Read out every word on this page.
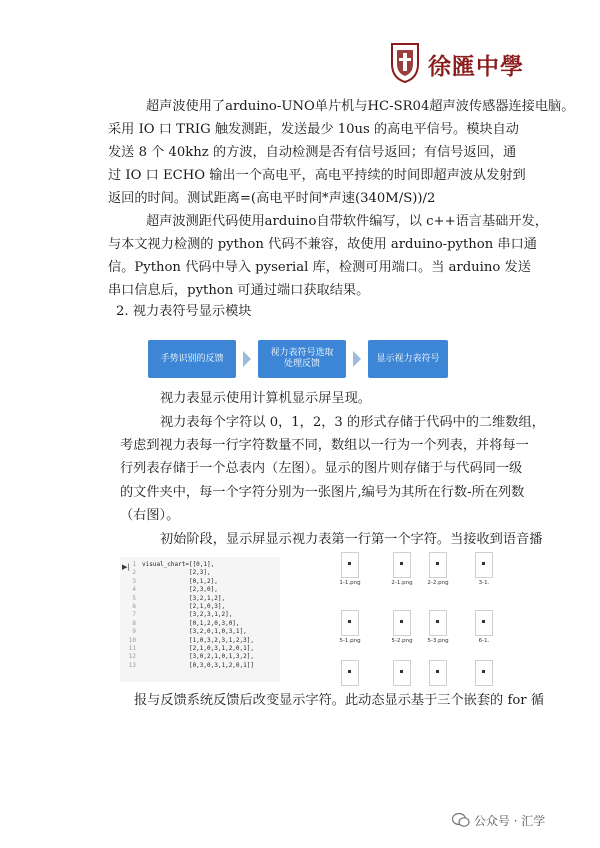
徐匯中學
超声波使用了arduino-UNO单片机与HC-SR04超声波传感器连接电脑。
采用 IO 口 TRIG 触发测距，发送最少 10us 的高电平信号。模块自动
发送 8 个 40khz 的方波，自动检测是否有信号返回；有信号返回，通
过 IO 口 ECHO 输出一个高电平，高电平持续的时间即超声波从发射到
返回的时间。测试距离=(高电平时间*声速(340M/S))/2
超声波测距代码使用arduino自带软件编写，以 c++语言基础开发，
与本文视力检测的 python 代码不兼容，故使用 arduino-python 串口通
信。Python 代码中导入 pyserial 库，检测可用端口。当 arduino 发送
串口信息后，python 可通过端口获取结果。
2. 视力表符号显示模块
手势识别的反馈
视力表符号选取
处理反馈
显示视力表符号
视力表显示使用计算机显示屏呈现。
视力表每个字符以 0，1，2，3 的形式存储于代码中的二维数组，
考虑到视力表每一行字符数量不同，数组以一行为一个列表，并将每一
行列表存储于一个总表内（左图）。显示的图片则存储于与代码同一级
的文件夹中，每一个字符分别为一张图片,编号为其所在行数-所在列数
（右图）。
初始阶段，显示屏显示视力表第一行第一个字符。当接收到语音播
1
2
3
4
5
6
7
8
9
10
11
12
13
visual_chart=[[0,1],
[2,3],
[0,1,2],
[2,3,0],
[3,2,1,2],
[2,1,0,3],
[3,2,3,1,2],
[0,1,2,0,3,0],
[3,2,0,1,0,3,1],
[1,0,3,2,3,1,2,3],
[2,1,0,3,1,2,0,1],
[3,0,2,1,0,1,3,2],
[0,3,0,3,1,2,0,1]]
▶|
1-1.png	2-1.png	2-2.png	3-1.
5-1.png	5-2.png	5-3.png	6-1.
报与反馈系统反馈后改变显示字符。此动态显示基于三个嵌套的 for 循
公众号 · 汇学
